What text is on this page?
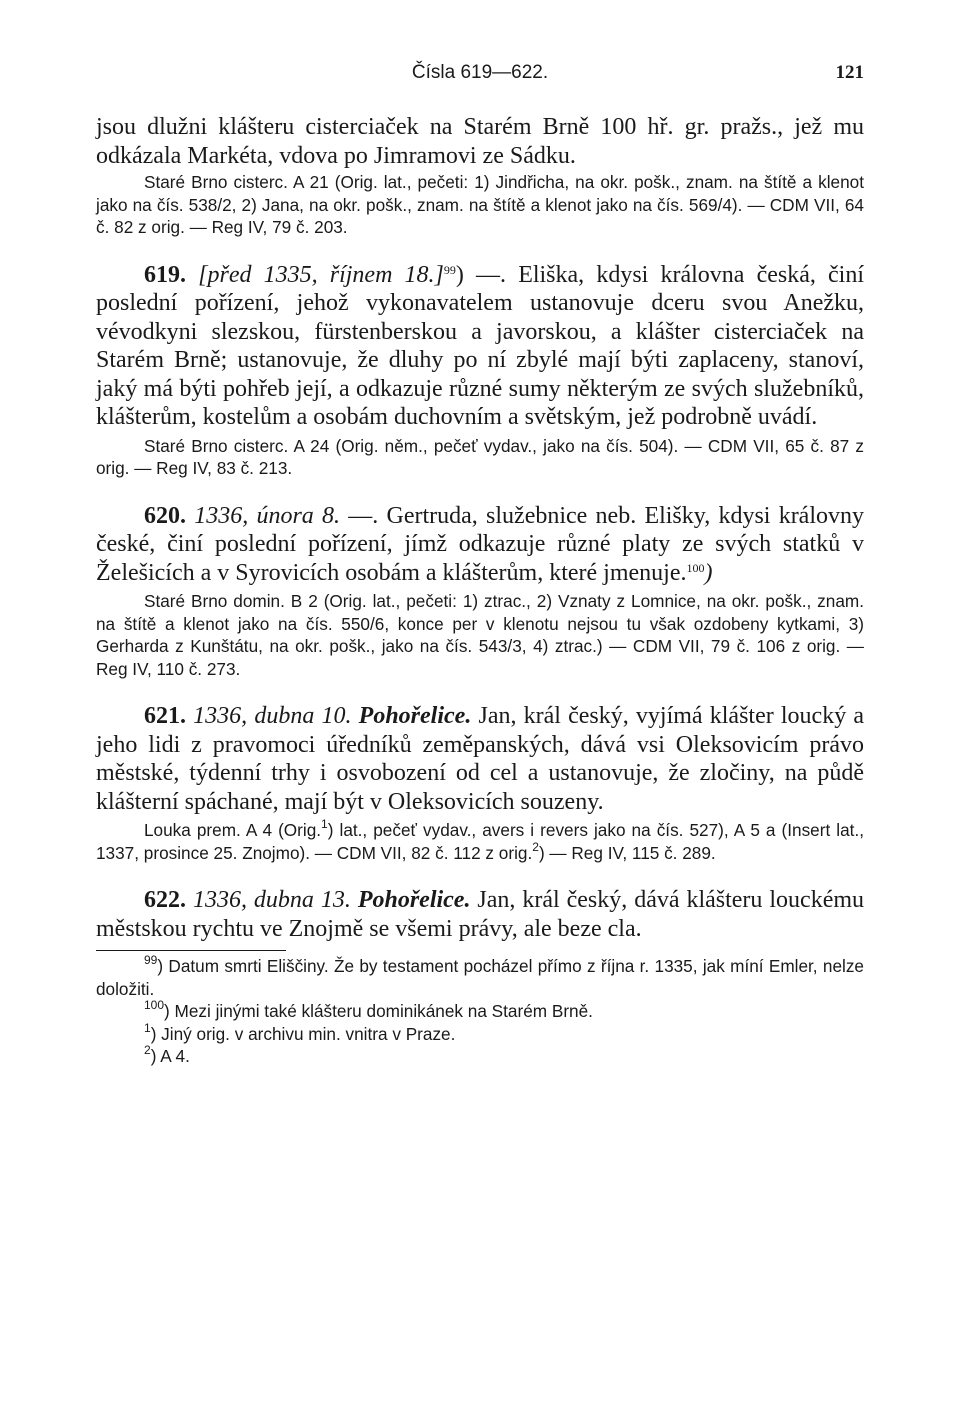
Čísla 619—622.	121

jsou dlužni klášteru cisterciaček na Starém Brně 100 hř. gr. pražs., jež mu odkázala Markéta, vdova po Jimramovi ze Sádku.

Staré Brno cisterc. A 21 (Orig. lat., pečeti: 1) Jindřicha, na okr. pošk., znam. na štítě a klenot jako na čís. 538/2, 2) Jana, na okr. pošk., znam. na štítě a klenot jako na čís. 569/4). — CDM VII, 64 č. 82 z orig. — Reg IV, 79 č. 203.

619. [před 1335, říjnem 18.]$^{99}$) —. Eliška, kdysi královna česká, činí poslední pořízení, jehož vykonavatelem ustanovuje dceru svou Anežku, vévodkyni slezskou, fürstenberskou a javorskou, a klášter cisterciaček na Starém Brně; ustanovuje, že dluhy po ní zbylé mají býti zaplaceny, stanoví, jaký má býti pohřeb její, a odkazuje různé sumy některým ze svých služebníků, klášterům, kostelům a osobám duchovním a světským, jež podrobně uvádí.

Staré Brno cisterc. A 24 (Orig. něm., pečeť vydav., jako na čís. 504). — CDM VII, 65 č. 87 z orig. — Reg IV, 83 č. 213.

620. 1336, února 8. —. Gertruda, služebnice neb. Elišky, kdysi královny české, činí poslední pořízení, jímž odkazuje různé platy ze svých statků v Želešicích a v Syrovicích osobám a klášterům, které jmenuje.$^{100}$)

Staré Brno domin. B 2 (Orig. lat., pečeti: 1) ztrac., 2) Vznaty z Lomnice, na okr. pošk., znam. na štítě a klenot jako na čís. 550/6, konce per v klenotu nejsou tu však ozdobeny kytkami, 3) Gerharda z Kunštátu, na okr. pošk., jako na čís. 543/3, 4) ztrac.) — CDM VII, 79 č. 106 z orig. — Reg IV, 110 č. 273.

621. 1336, dubna 10. Pohořelice. Jan, král český, vyjímá klášter loucký a jeho lidi z pravomoci úředníků zeměpanských, dává vsi Oleksovicím právo městské, týdenní trhy i osvobození od cel a ustanovuje, že zločiny, na půdě klášterní spáchané, mají být v Oleksovicích souzeny.

Louka prem. A 4 (Orig.$^1$) lat., pečeť vydav., avers i revers jako na čís. 527), A 5 a (Insert lat., 1337, prosince 25. Znojmo). — CDM VII, 82 č. 112 z orig.$^2$) — Reg IV, 115 č. 289.

622. 1336, dubna 13. Pohořelice. Jan, král český, dává klášteru louckému městskou rychtu ve Znojmě se všemi právy, ale beze cla.

$^{99}$) Datum smrti Eliščiny. Že by testament pocházel přímo z října r. 1335, jak míní Emler, nelze doložiti.

$^{100}$) Mezi jinými také klášteru dominikánek na Starém Brně.

$^1$) Jiný orig. v archivu min. vnitra v Praze.

$^2$) A 4.
